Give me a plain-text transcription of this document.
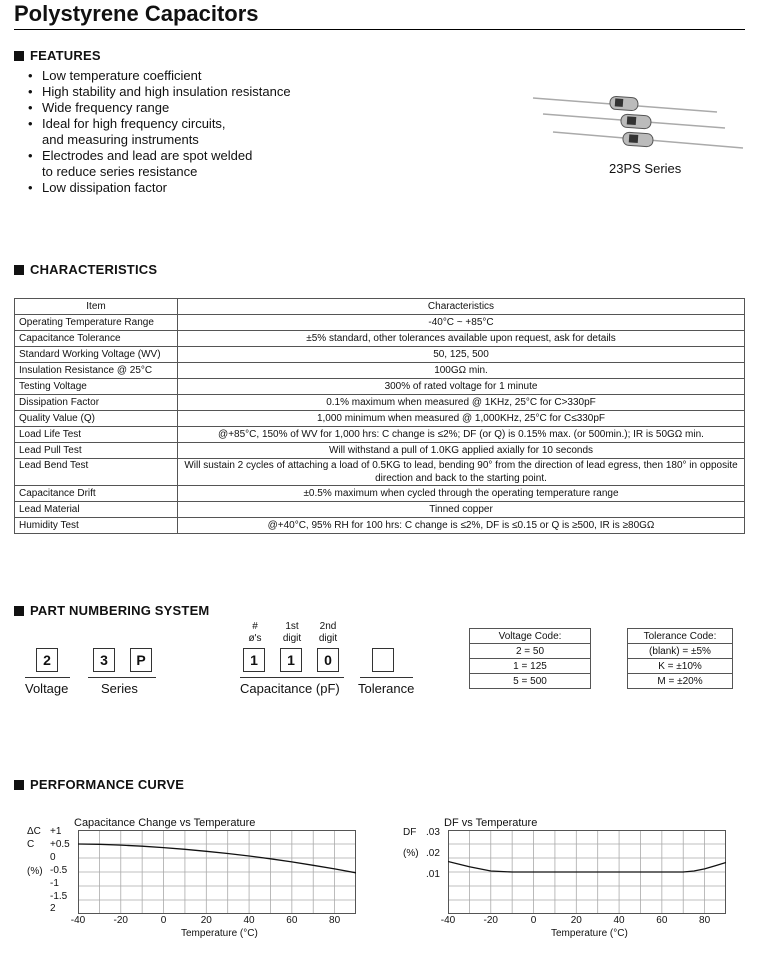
Polystyrene Capacitors
FEATURES
• Low temperature coefficient
• High stability and high insulation resistance
• Wide frequency range
• Ideal for high frequency circuits,
and measuring instruments
• Electrodes and lead are spot welded
to reduce series resistance
• Low dissipation factor
23PS Series
CHARACTERISTICS
Item	Characteristics
Operating Temperature Range	-40°C ~ +85°C
Capacitance Tolerance	±5% standard, other tolerances available upon request, ask for details
Standard Working Voltage (WV)	50, 125, 500
Insulation Resistance @ 25°C	100GΩ min.
Testing Voltage	300% of rated voltage for 1 minute
Dissipation Factor	0.1% maximum when measured @ 1KHz, 25°C for C>330pF
Quality Value (Q)	1,000 minimum when measured @ 1,000KHz, 25°C for C≤330pF
Load Life Test	@+85°C, 150% of WV for 1,000 hrs: C change is ≤2%; DF (or Q) is 0.15% max. (or 500min.); IR is 50GΩ min.
Lead Pull Test	Will withstand a pull of 1.0KG applied axially for 10 seconds
Lead Bend Test	Will sustain 2 cycles of attaching a load of 0.5KG to lead, bending 90° from the direction of lead egress, then 180° in opposite direction and back to the starting point.
Capacitance Drift	±0.5% maximum when cycled through the operating temperature range
Lead Material	Tinned copper
Humidity Test	@+40°C, 95% RH for 100 hrs: C change is ≤2%, DF is ≤0.15 or Q is ≥500, IR is ≥80GΩ
PART NUMBERING SYSTEM
#
ø's
1st
digit
2nd
digit
2	3	P	1	1	0
Voltage	Series	Capacitance (pF) Tolerance
Voltage Code:
2 = 50
1 = 125
5 = 500
Tolerance Code:
(blank) = ±5%
K = ±10%
M = ±20%
PERFORMANCE CURVE
Capacitance Change vs Temperature
ΔC
C
(%)
+1
+0.5
0
-0.5
-1
-1.5
2
-40	-20	0	20	40	60	80
Temperature (°C)
DF vs Temperature
DF
(%)
.03
.02
.01
-40	-20	0	20	40	60	80
Temperature (°C)
